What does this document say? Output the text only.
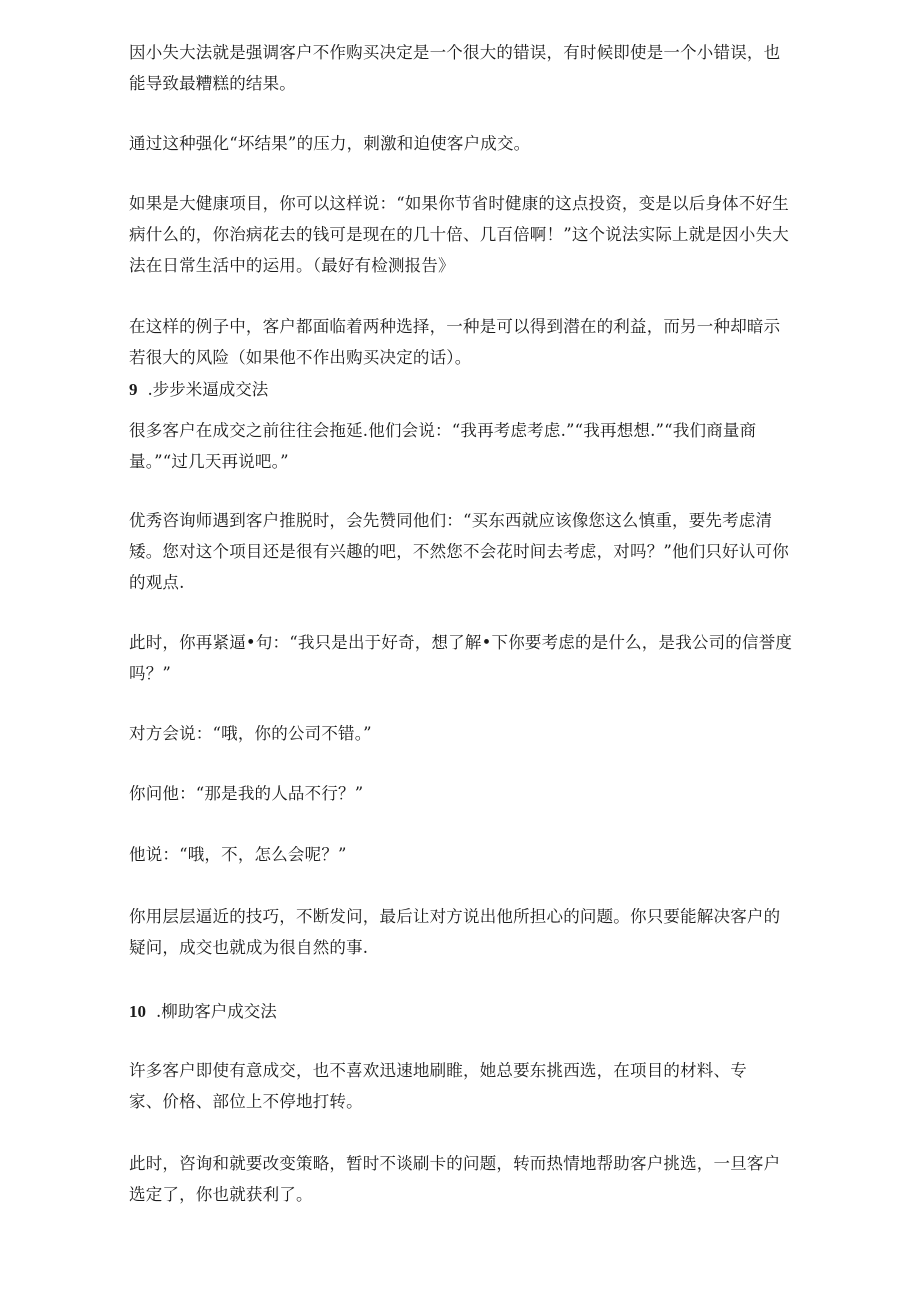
因小失大法就是强调客户不作购买决定是一个很大的错误，有时候即使是一个小错误，也能导致最糟糕的结果。

通过这种强化“坏结果”的压力，刺激和迫使客户成交。

如果是大健康项目，你可以这样说：“如果你节省时健康的这点投资，变是以后身体不好生病什么的，你治病花去的钱可是现在的几十倍、几百倍啊！”这个说法实际上就是因小失大法在日常生活中的运用。（最好有检测报告》

在这样的例子中，客户都面临着两种选择，一种是可以得到潜在的利益，而另一种却暗示若很大的风险（如果他不作出购买决定的话）。

9 .步步米逼成交法

很多客户在成交之前往往会拖延.他们会说：“我再考虑考虑.”“我再想想.”“我们商量商量。”“过几天再说吧。”

优秀咨询师遇到客户推脱时，会先赞同他们：“买东西就应该像您这么慎重，要先考虑清矮。您对这个项目还是很有兴趣的吧，不然您不会花时间去考虑，对吗？”他们只好认可你的观点.

此时，你再紧逼•句：“我只是出于好奇，想了解•下你要考虑的是什么，是我公司的信誉度吗？”

对方会说：“哦，你的公司不错。”

你问他：“那是我的人品不行？”

他说：“哦，不，怎么会呢？”

你用层层逼近的技巧，不断发问，最后让对方说出他所担心的问题。你只要能解决客户的疑问，成交也就成为很自然的事.

10 .柳助客户成交法

许多客户即使有意成交，也不喜欢迅速地刷睢，她总要东挑西选，在项目的材料、专家、价格、部位上不停地打转。

此时，咨询和就要改变策略，暂时不谈刷卡的问题，转而热情地帮助客户挑选，一旦客户选定了，你也就获利了。
